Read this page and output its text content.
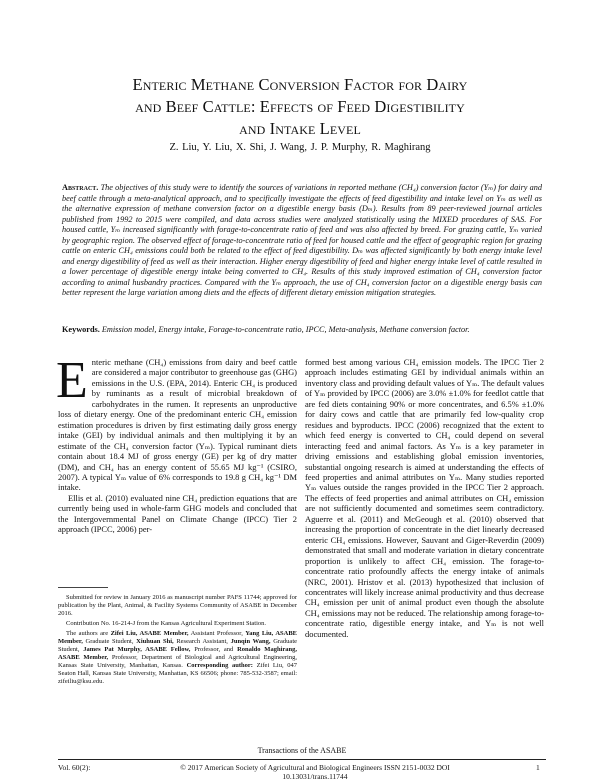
Enteric Methane Conversion Factor for Dairy
and Beef Cattle: Effects of Feed Digestibility
and Intake Level
Z. Liu, Y. Liu, X. Shi, J. Wang, J. P. Murphy, R. Maghirang
Abstract. The objectives of this study were to identify the sources of variations in reported methane (CH₄) conversion factor (Yₘ) for dairy and beef cattle through a meta-analytical approach, and to specifically investigate the effects of feed digestibility and intake level on Yₘ as well as the alternative expression of methane conversion factor on a digestible energy basis (Dₘ). Results from 89 peer-reviewed journal articles published from 1992 to 2015 were compiled, and data across studies were analyzed statistically using the MIXED procedures of SAS. For housed cattle, Yₘ increased significantly with forage-to-concentrate ratio of feed and was also affected by breed. For grazing cattle, Yₘ varied by geographic region. The observed effect of forage-to-concentrate ratio of feed for housed cattle and the effect of geographic region for grazing cattle on enteric CH₄ emissions could both be related to the effect of feed digestibility. Dₘ was affected significantly by both energy intake level and energy digestibility of feed as well as their interaction. Higher energy digestibility of feed and higher energy intake level of cattle resulted in a lower percentage of digestible energy intake being converted to CH₄. Results of this study improved estimation of CH₄ conversion factor according to animal husbandry practices. Compared with the Yₘ approach, the use of CH₄ conversion factor on a digestible energy basis can better represent the large variation among diets and the effects of different dietary emission mitigation strategies.
Keywords. Emission model, Energy intake, Forage-to-concentrate ratio, IPCC, Meta-analysis, Methane conversion factor.

E nteric methane (CH₄) emissions from dairy and beef cattle are considered a major contributor to greenhouse gas (GHG) emissions in the U.S. (EPA, 2014). Enteric CH₄ is produced by ruminants as a result of microbial breakdown of carbohydrates in the rumen. It represents an unproductive loss of dietary energy. One of the predominant enteric CH₄ emission estimation procedures is driven by first estimating daily gross energy intake (GEI) by individual animals and then multiplying it by an estimate of the CH₄ conversion factor (Yₘ). Typical ruminant diets contain about 18.4 MJ of gross energy (GE) per kg of dry matter (DM), and CH₄ has an energy content of 55.65 MJ kg⁻¹ (CSIRO, 2007). A typical Yₘ value of 6% corresponds to 19.8 g CH₄ kg⁻¹ DM intake.

Ellis et al. (2010) evaluated nine CH₄ prediction equations that are currently being used in whole-farm GHG models and concluded that the Intergovernmental Panel on Climate Change (IPCC) Tier 2 approach (IPCC, 2006) per-

Submitted for review in January 2016 as manuscript number PAFS 11744; approved for publication by the Plant, Animal, & Facility Systems Community of ASABE in December 2016.

Contribution No. 16-214-J from the Kansas Agricultural Experiment Station.

The authors are Zifei Liu, ASABE Member, Assistant Professor, Yang Liu, ASABE Member, Graduate Student, Xiuhuan Shi, Research Assistant, Junqin Wang, Graduate Student, James Pat Murphy, ASABE Fellow, Professor, and Ronaldo Maghirang, ASABE Member, Professor, Department of Biological and Agricultural Engineering, Kansas State University, Manhattan, Kansas. Corresponding author: Zifei Liu, 047 Seaton Hall, Kansas State University, Manhattan, KS 66506; phone: 785-532-3587; email: zifeiliu@ksu.edu.

formed best among various CH₄ emission models. The IPCC Tier 2 approach includes estimating GEI by individual animals within an inventory class and providing default values of Yₘ. The default values of Yₘ provided by IPCC (2006) are 3.0% ±1.0% for feedlot cattle that are fed diets containing 90% or more concentrates, and 6.5% ±1.0% for dairy cows and cattle that are primarily fed low-quality crop residues and byproducts. IPCC (2006) recognized that the extent to which feed energy is converted to CH₄ could depend on several interacting feed and animal factors. As Yₘ is a key parameter in driving emissions and establishing global emission inventories, substantial ongoing research is aimed at understanding the effects of feed properties and animal attributes on Yₘ. Many studies reported Yₘ values outside the ranges provided in the IPCC Tier 2 approach. The effects of feed properties and animal attributes on CH₄ emission are not sufficiently documented and sometimes seem contradictory. Aguerre et al. (2011) and McGeough et al. (2010) observed that increasing the proportion of concentrate in the diet linearly decreased enteric CH₄ emissions. However, Sauvant and Giger-Reverdin (2009) demonstrated that small and moderate variation in dietary concentrate proportion is unlikely to affect CH₄ emission. The forage-to-concentrate ratio profoundly affects the energy intake of animals (NRC, 2001). Hristov et al. (2013) hypothesized that inclusion of concentrates will likely increase animal productivity and thus decrease CH₄ emission per unit of animal product even though the absolute CH₄ emissions may not be reduced. The relationship among forage-to-concentrate ratio, digestible energy intake, and Yₘ is not well documented.

Transactions of the ASABE
Vol. 60(2):	© 2017 American Society of Agricultural and Biological Engineers ISSN 2151-0032 DOI 10.13031/trans.11744
1
